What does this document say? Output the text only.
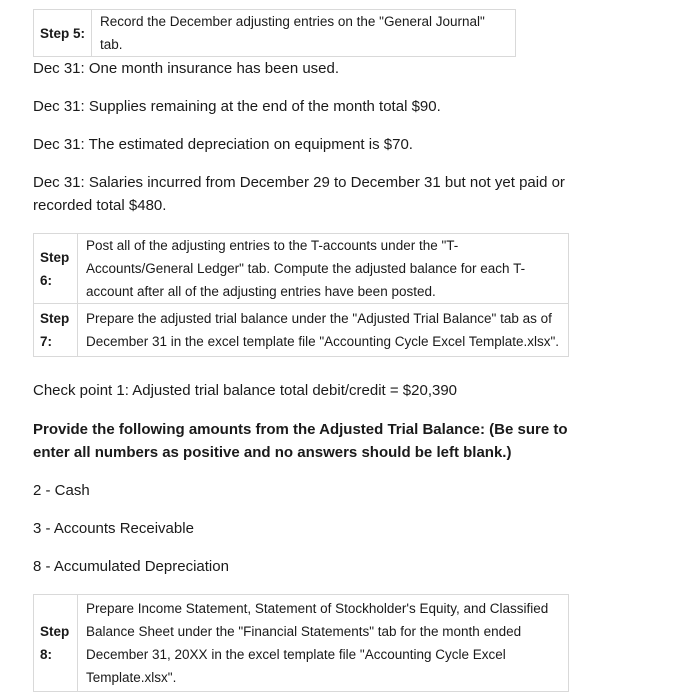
Step 5:	Record the December adjusting entries on the "General Journal" tab.

Dec 31: One month insurance has been used.

Dec 31: Supplies remaining at the end of the month total $90.

Dec 31: The estimated depreciation on equipment is $70.

Dec 31: Salaries incurred from December 29 to December 31 but not yet paid or recorded total $480.

Step
6:	Post all of the adjusting entries to the T-accounts under the "T-Accounts/General Ledger" tab. Compute the adjusted balance for each T-account after all of the adjusting entries have been posted.
Step
7:	Prepare the adjusted trial balance under the "Adjusted Trial Balance" tab as of December 31 in the excel template file "Accounting Cycle Excel Template.xlsx".

Check point 1: Adjusted trial balance total debit/credit = $20,390

Provide the following amounts from the Adjusted Trial Balance: (Be sure to enter all numbers as positive and no answers should be left blank.)

2 - Cash

3 - Accounts Receivable

8 - Accumulated Depreciation

Step
8:	Prepare Income Statement, Statement of Stockholder's Equity, and Classified Balance Sheet under the "Financial Statements" tab for the month ended December 31, 20XX in the excel template file "Accounting Cycle Excel Template.xlsx".
